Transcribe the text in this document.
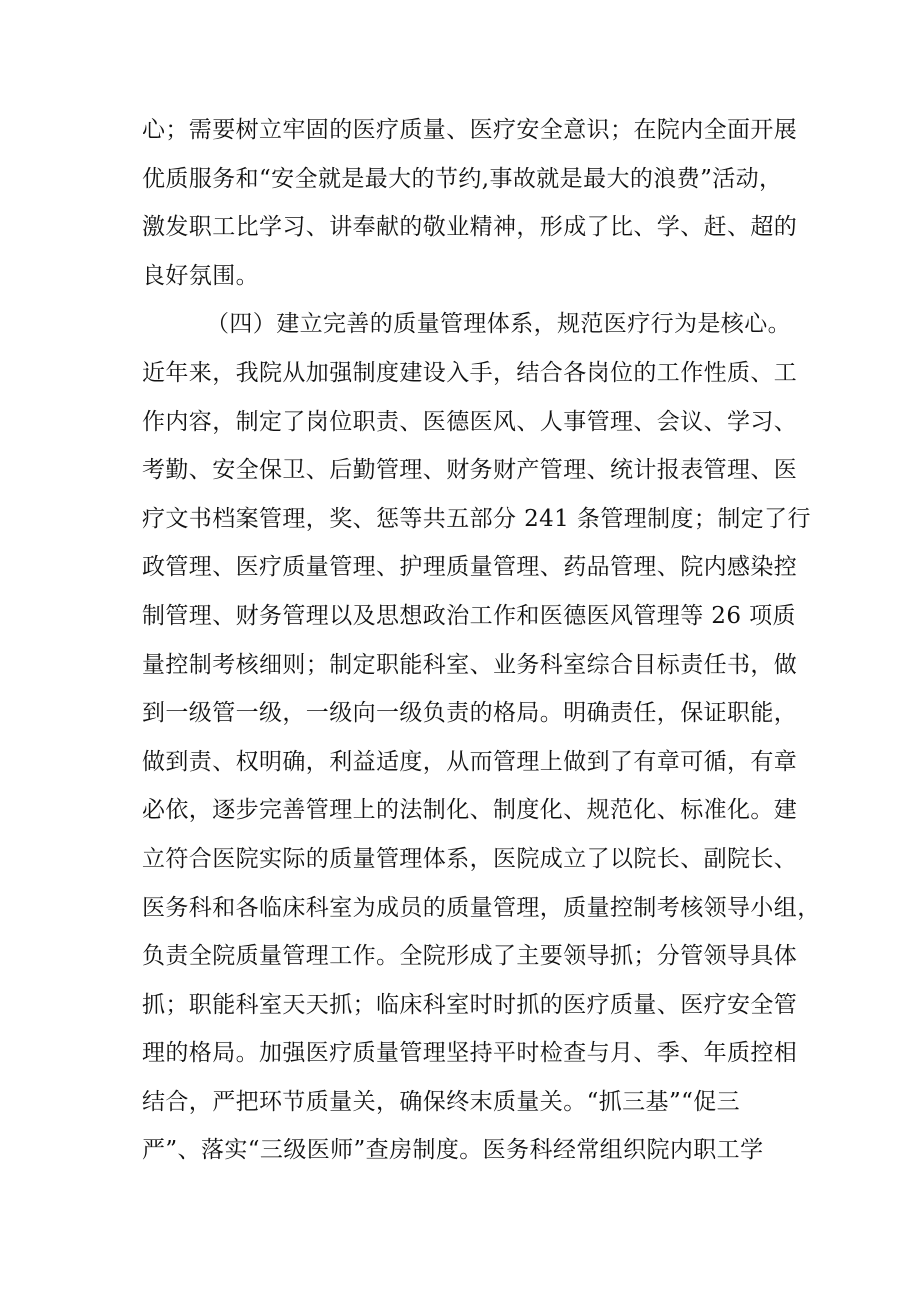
心；需要树立牢固的医疗质量、医疗安全意识；在院内全面开展
优质服务和“安全就是最大的节约,事故就是最大的浪费”活动，
激发职工比学习、讲奉献的敬业精神，形成了比、学、赶、超的
良好氛围。
（四）建立完善的质量管理体系，规范医疗行为是核心。
近年来，我院从加强制度建设入手，结合各岗位的工作性质、工
作内容，制定了岗位职责、医德医风、人事管理、会议、学习、
考勤、安全保卫、后勤管理、财务财产管理、统计报表管理、医
疗文书档案管理，奖、惩等共五部分 241 条管理制度；制定了行
政管理、医疗质量管理、护理质量管理、药品管理、院内感染控
制管理、财务管理以及思想政治工作和医德医风管理等 26 项质
量控制考核细则；制定职能科室、业务科室综合目标责任书，做
到一级管一级，一级向一级负责的格局。明确责任，保证职能，
做到责、权明确，利益适度，从而管理上做到了有章可循，有章
必依，逐步完善管理上的法制化、制度化、规范化、标准化。建
立符合医院实际的质量管理体系，医院成立了以院长、副院长、
医务科和各临床科室为成员的质量管理，质量控制考核领导小组，
负责全院质量管理工作。全院形成了主要领导抓；分管领导具体
抓；职能科室天天抓；临床科室时时抓的医疗质量、医疗安全管
理的格局。加强医疗质量管理坚持平时检查与月、季、年质控相
结合，严把环节质量关，确保终末质量关。“抓三基”“促三
严”、落实“三级医师”查房制度。医务科经常组织院内职工学
